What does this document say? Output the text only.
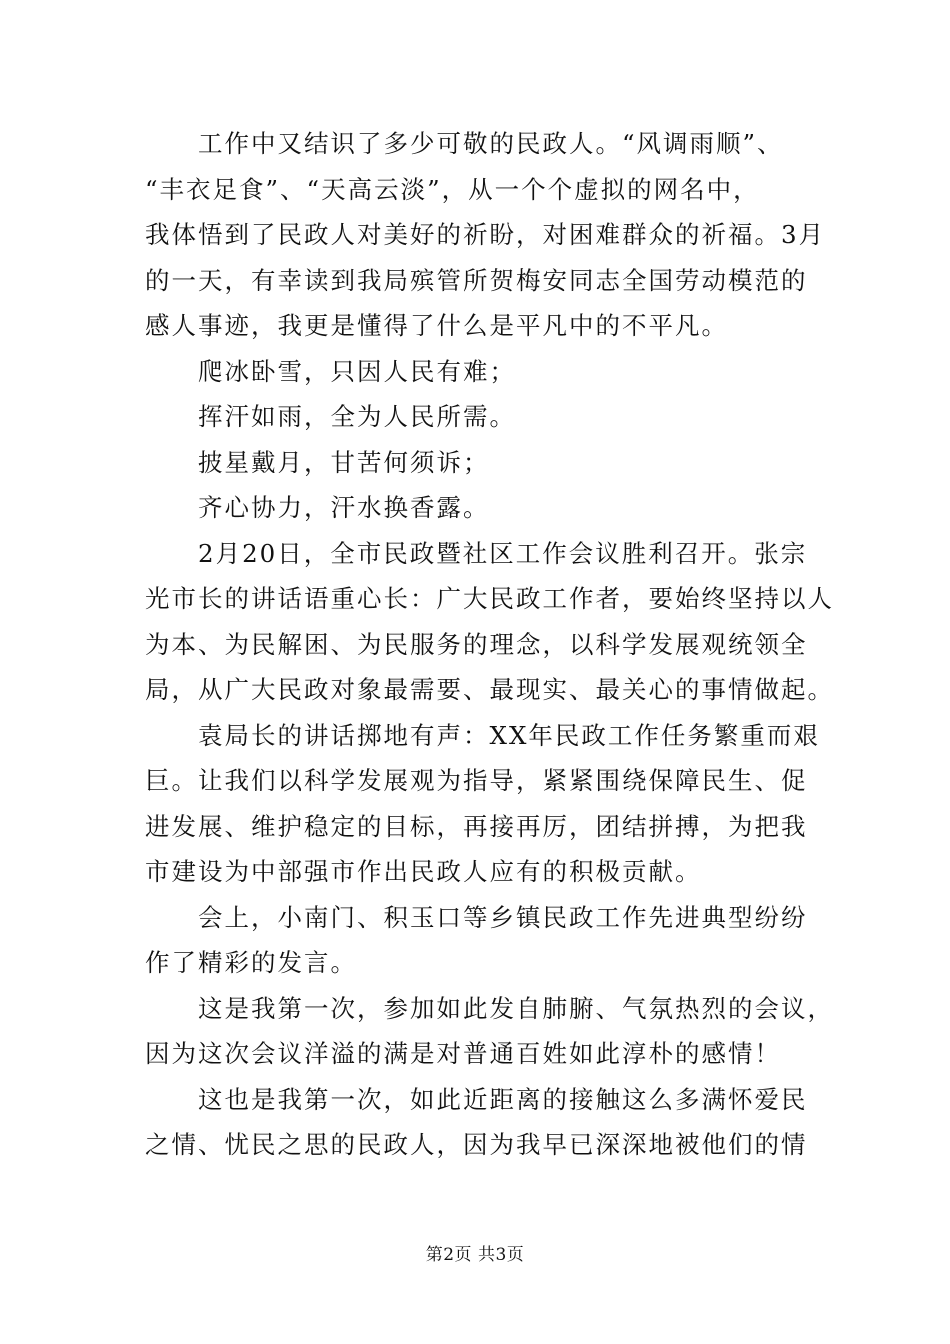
　　工作中又结识了多少可敬的民政人。“风调雨顺”、
“丰衣足食”、“天高云淡”，从一个个虚拟的网名中，
我体悟到了民政人对美好的祈盼，对困难群众的祈福。3月
的一天，有幸读到我局殡管所贺梅安同志全国劳动模范的
感人事迹，我更是懂得了什么是平凡中的不平凡。
　　爬冰卧雪，只因人民有难；
　　挥汗如雨，全为人民所需。
　　披星戴月，甘苦何须诉；
　　齐心协力，汗水换香露。
　　2月20日，全市民政暨社区工作会议胜利召开。张宗
光市长的讲话语重心长：广大民政工作者，要始终坚持以人
为本、为民解困、为民服务的理念，以科学发展观统领全
局，从广大民政对象最需要、最现实、最关心的事情做起。
　　袁局长的讲话掷地有声：XX年民政工作任务繁重而艰
巨。让我们以科学发展观为指导，紧紧围绕保障民生、促
进发展、维护稳定的目标，再接再厉，团结拼搏，为把我
市建设为中部强市作出民政人应有的积极贡献。
　　会上，小南门、积玉口等乡镇民政工作先进典型纷纷
作了精彩的发言。
　　这是我第一次，参加如此发自肺腑、气氛热烈的会议，
因为这次会议洋溢的满是对普通百姓如此淳朴的感情！
　　这也是我第一次，如此近距离的接触这么多满怀爱民
之情、忧民之思的民政人，因为我早已深深地被他们的情
第2页 共3页
